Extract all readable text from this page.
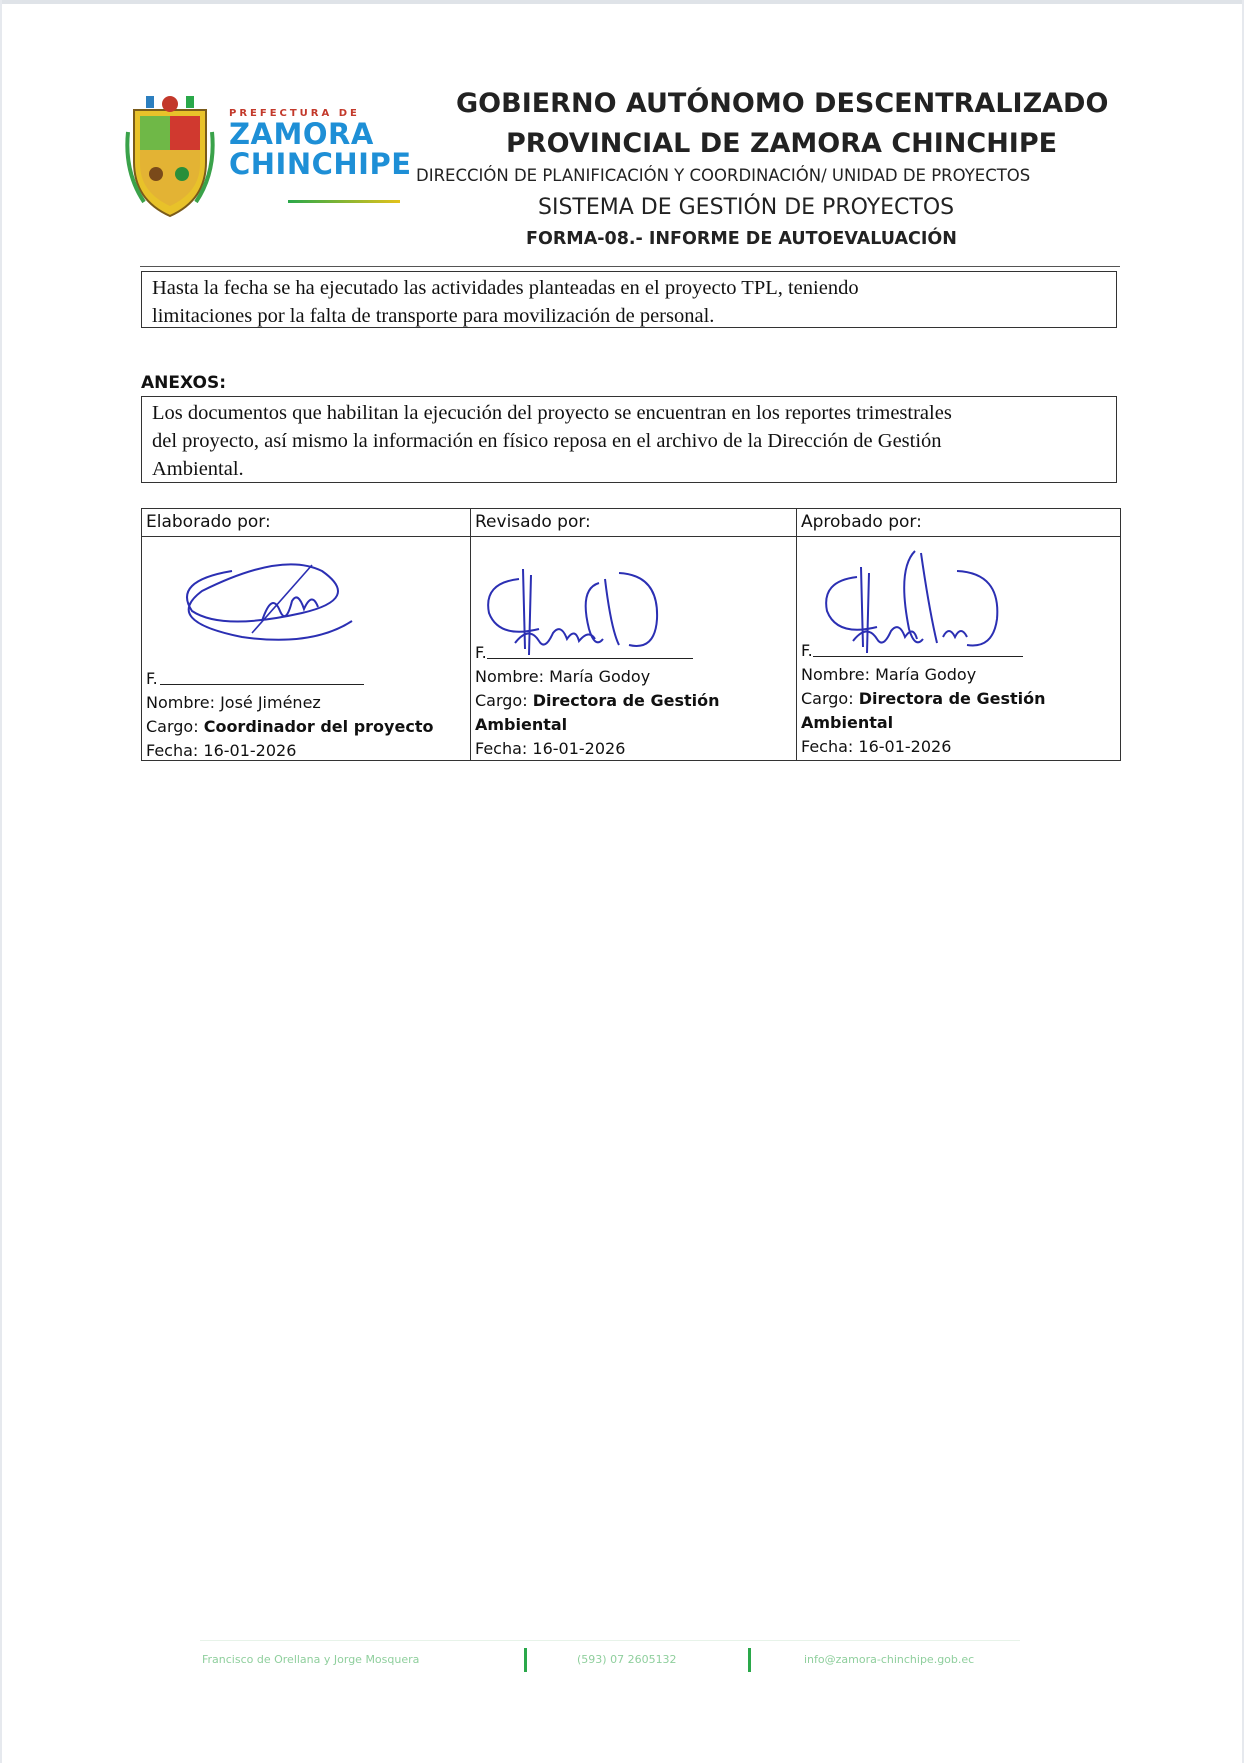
PREFECTURA DE
ZAMORA
CHINCHIPE
GOBIERNO AUTÓNOMO DESCENTRALIZADO
PROVINCIAL DE ZAMORA CHINCHIPE
DIRECCIÓN DE PLANIFICACIÓN Y COORDINACIÓN/ UNIDAD DE PROYECTOS
SISTEMA DE GESTIÓN DE PROYECTOS
FORMA-08.- INFORME DE AUTOEVALUACIÓN
Hasta la fecha se ha ejecutado las actividades planteadas en el proyecto TPL, teniendo
limitaciones por la falta de transporte para movilización de personal.
ANEXOS:
Los documentos que habilitan la ejecución del proyecto se encuentran en los reportes trimestrales
del proyecto, así mismo la información en físico reposa en el archivo de la Dirección de Gestión
Ambiental.
Elaborado por:
F.
Nombre: José Jiménez
Cargo: Coordinador del proyecto
Fecha: 16-01-2026
Revisado por:
F.
Nombre: María Godoy
Cargo: Directora de Gestión
Ambiental
Fecha: 16-01-2026
Aprobado por:
F.
Nombre: María Godoy
Cargo: Directora de Gestión
Ambiental
Fecha: 16-01-2026
Francisco de Orellana y Jorge Mosquera	(593) 07 2605132	info@zamora-chinchipe.gob.ec
